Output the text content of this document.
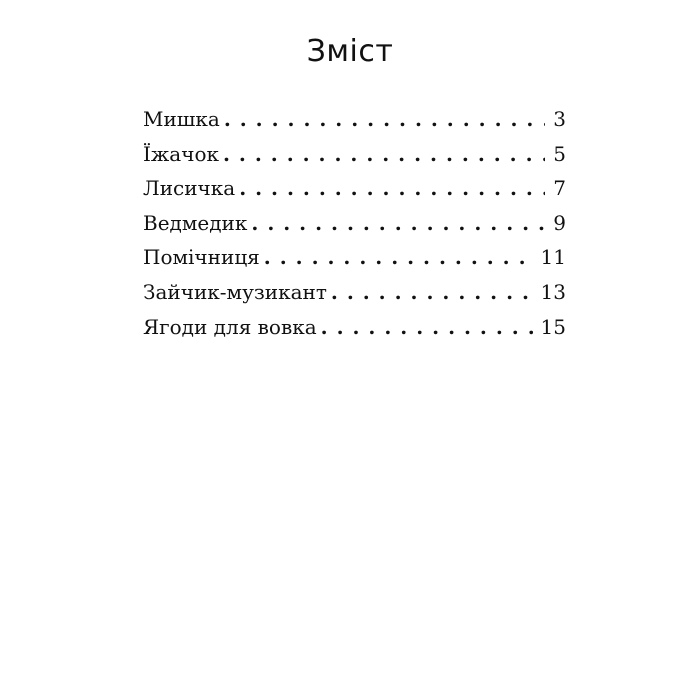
Зміст
Мишка . . .	3
Їжачок . . .	5
Лисичка . . .	7
Ведмедик . . .	9
Помічниця . . .	11
Зайчик-музикант . . .	13
Ягоди для вовка . . .	15
